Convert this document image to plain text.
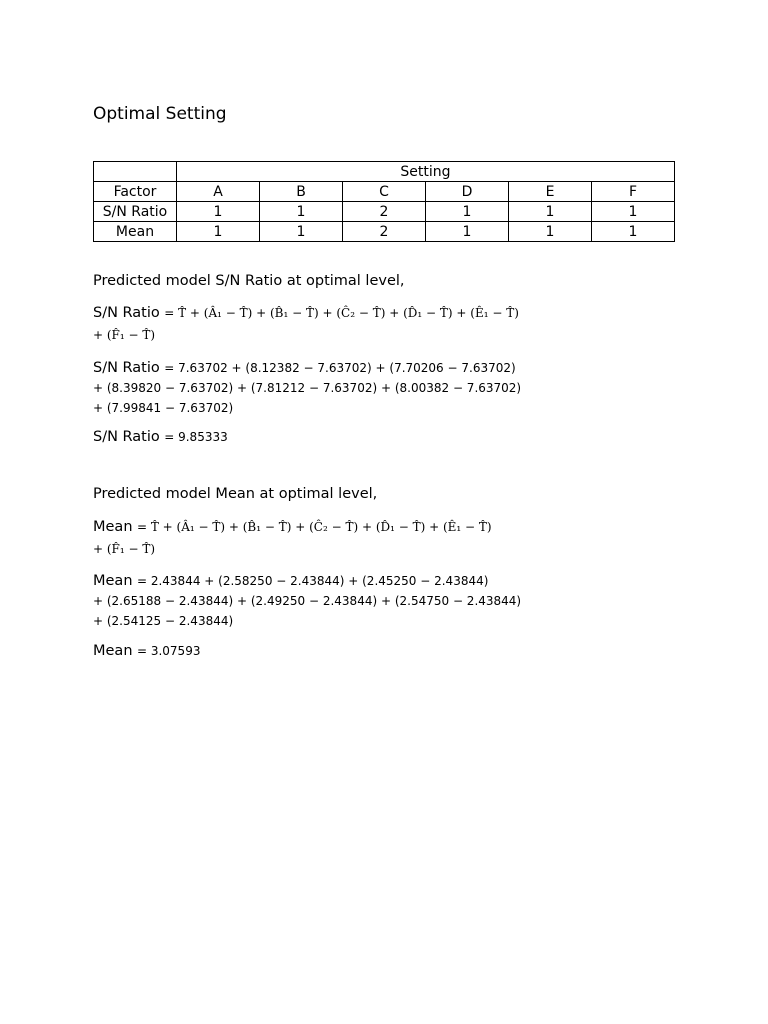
Optimal Setting
	Setting					
Factor	A	B	C	D	E	F
S/N Ratio	1	1	2	1	1	1
Mean	1	1	2	1	1	1
Predicted model S/N Ratio at optimal level,
S/N Ratio = T̂ + (Â₁ − T̂) + (B̂₁ − T̂) + (Ĉ₂ − T̂) + (D̂₁ − T̂) + (Ê₁ − T̂)
+ (F̂₁ − T̂)
S/N Ratio = 7.63702 + (8.12382 − 7.63702) + (7.70206 − 7.63702)
+ (8.39820 − 7.63702) + (7.81212 − 7.63702) + (8.00382 − 7.63702)
+ (7.99841 − 7.63702)
S/N Ratio = 9.85333
Predicted model Mean at optimal level,
Mean = T̂ + (Â₁ − T̂) + (B̂₁ − T̂) + (Ĉ₂ − T̂) + (D̂₁ − T̂) + (Ê₁ − T̂)
+ (F̂₁ − T̂)
Mean = 2.43844 + (2.58250 − 2.43844) + (2.45250 − 2.43844)
+ (2.65188 − 2.43844) + (2.49250 − 2.43844) + (2.54750 − 2.43844)
+ (2.54125 − 2.43844)
Mean = 3.07593
